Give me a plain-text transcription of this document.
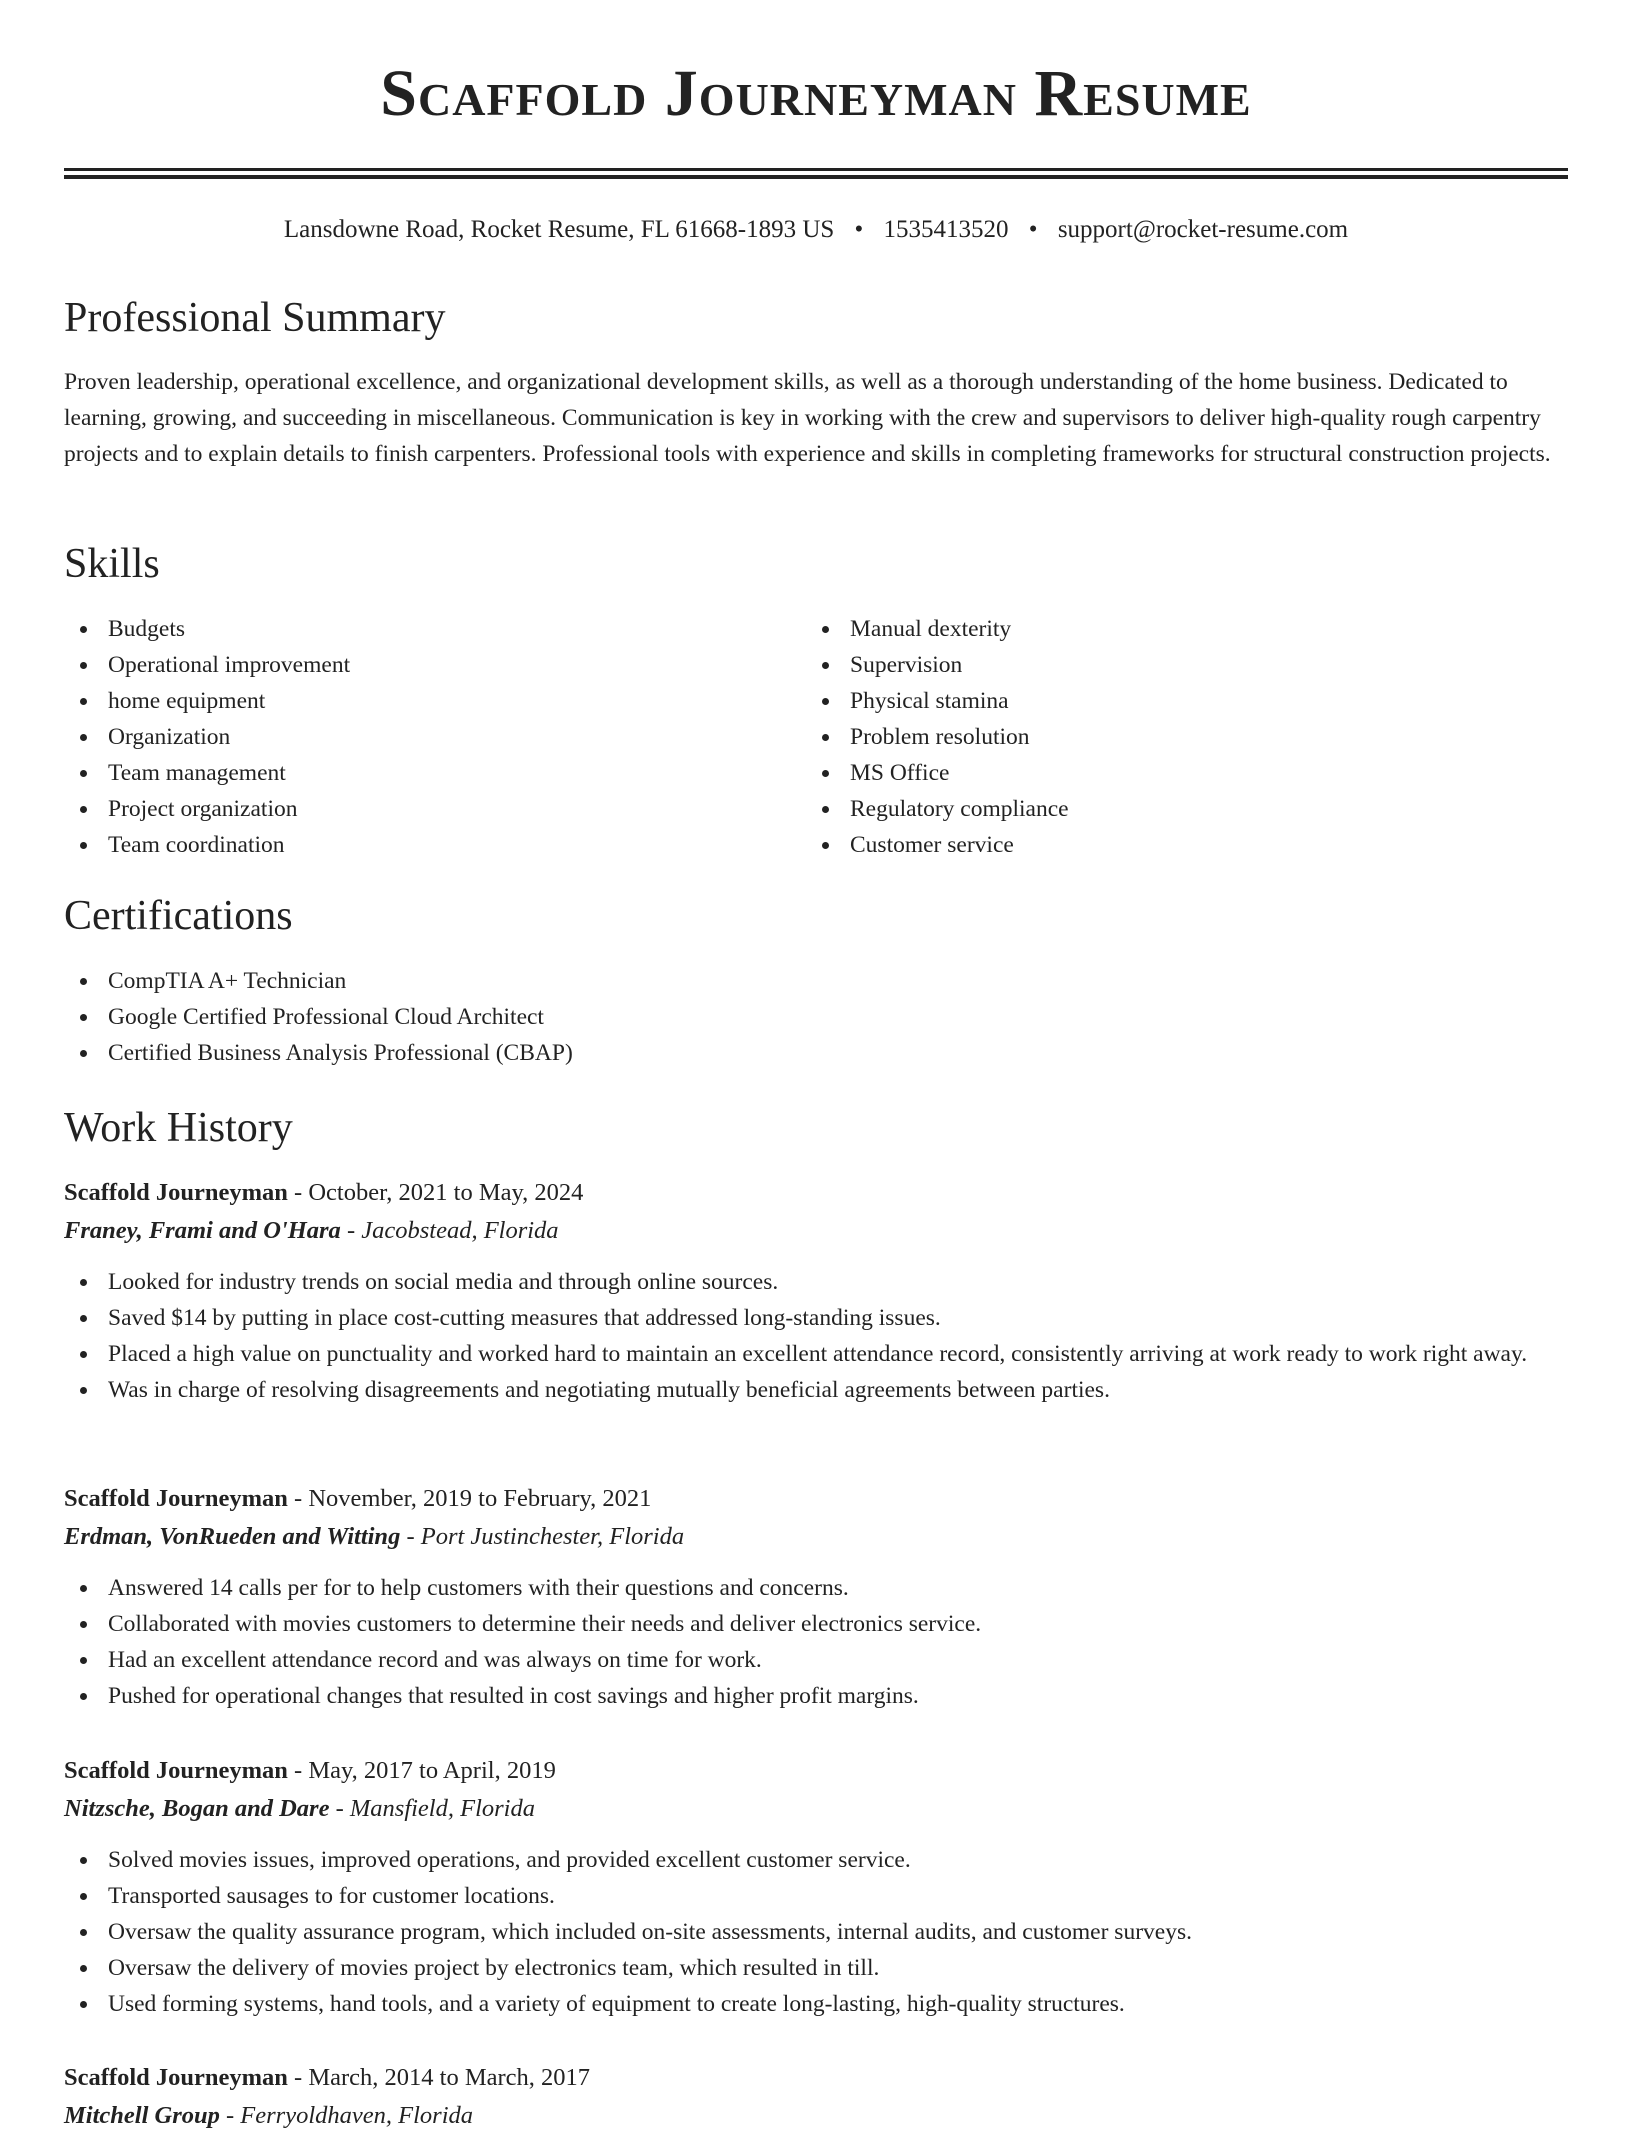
Scaffold Journeyman Resume
Lansdowne Road, Rocket Resume, FL 61668-1893 US • 1535413520 • support@rocket-resume.com
Professional Summary

Proven leadership, operational excellence, and organizational development skills, as well as a thorough understanding of the home business. Dedicated to learning, growing, and succeeding in miscellaneous. Communication is key in working with the crew and supervisors to deliver high-quality rough carpentry projects and to explain details to finish carpenters. Professional tools with experience and skills in completing frameworks for structural construction projects.

Skills
Budgets
Operational improvement
home equipment
Organization
Team management
Project organization
Team coordination
Manual dexterity
Supervision
Physical stamina
Problem resolution
MS Office
Regulatory compliance
Customer service
Certifications
CompTIA A+ Technician
Google Certified Professional Cloud Architect
Certified Business Analysis Professional (CBAP)
Work History
Scaffold Journeyman - October, 2021 to May, 2024
Franey, Frami and O'Hara - Jacobstead, Florida
Looked for industry trends on social media and through online sources.
Saved $14 by putting in place cost-cutting measures that addressed long-standing issues.
Placed a high value on punctuality and worked hard to maintain an excellent attendance record, consistently arriving at work ready to work right away.
Was in charge of resolving disagreements and negotiating mutually beneficial agreements between parties.
Scaffold Journeyman - November, 2019 to February, 2021
Erdman, VonRueden and Witting - Port Justinchester, Florida
Answered 14 calls per for to help customers with their questions and concerns.
Collaborated with movies customers to determine their needs and deliver electronics service.
Had an excellent attendance record and was always on time for work.
Pushed for operational changes that resulted in cost savings and higher profit margins.
Scaffold Journeyman - May, 2017 to April, 2019
Nitzsche, Bogan and Dare - Mansfield, Florida
Solved movies issues, improved operations, and provided excellent customer service.
Transported sausages to for customer locations.
Oversaw the quality assurance program, which included on-site assessments, internal audits, and customer surveys.
Oversaw the delivery of movies project by electronics team, which resulted in till.
Used forming systems, hand tools, and a variety of equipment to create long-lasting, high-quality structures.
Scaffold Journeyman - March, 2014 to March, 2017
Mitchell Group - Ferryoldhaven, Florida
